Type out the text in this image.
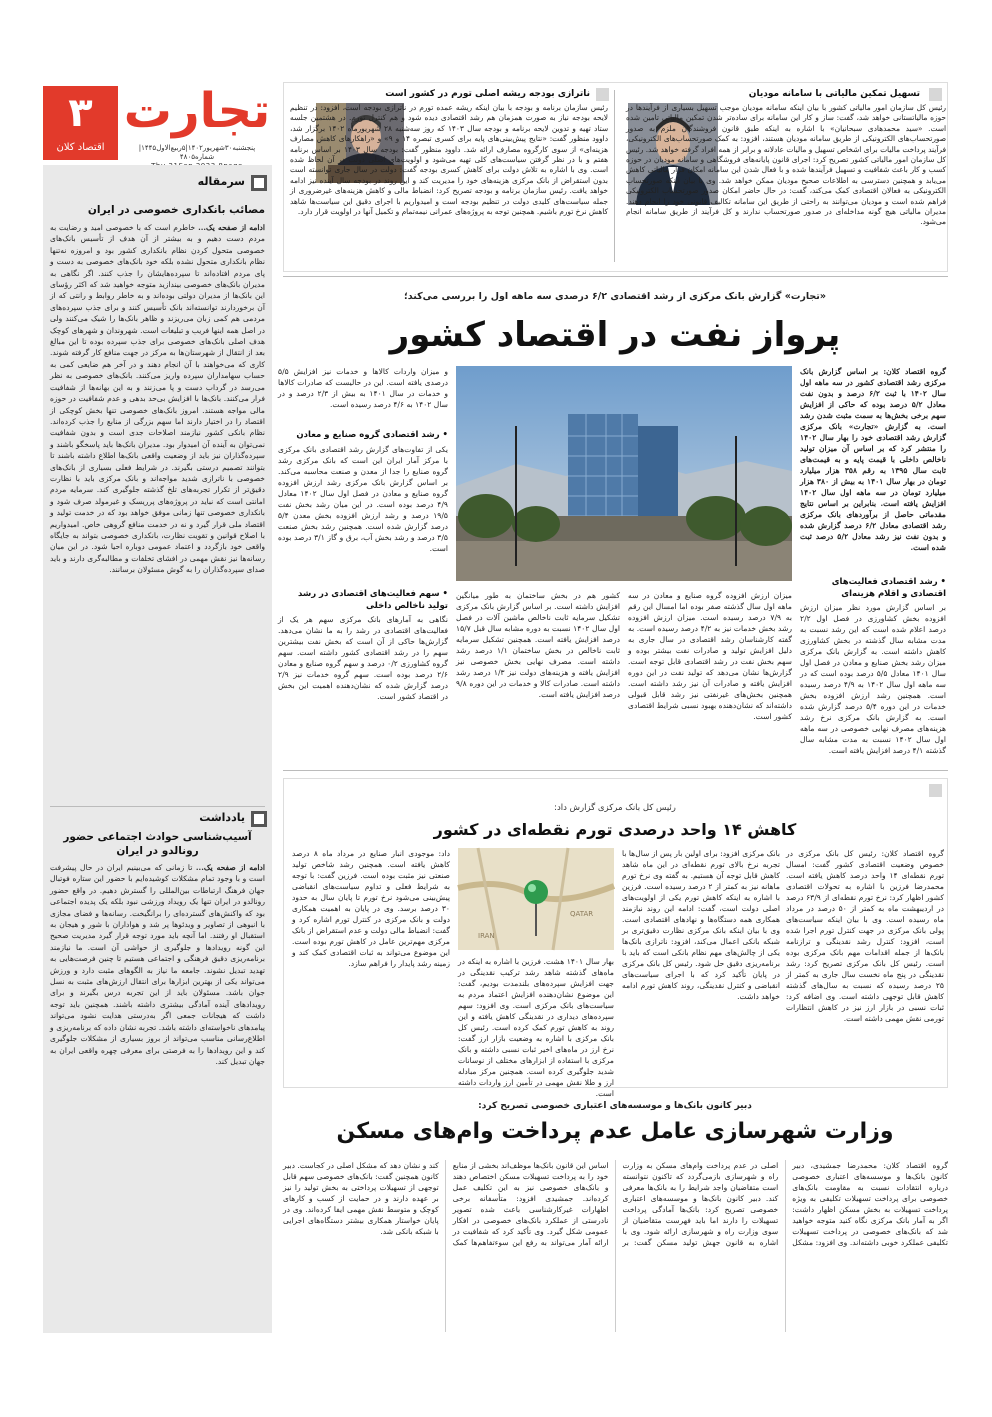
۳
اقتصاد کلان
تجارت
پنجشنبه۳۰شهریور۱۴۰۲|۵ربیع‌الاول۱۴۴۵|شماره۴۸۰۵
سرمقاله
مصائب بانکداری خصوصی در ایران
ادامه از صفحه یک... خاطرم است که با خصوصی امید و رضایت به مردم دست دهیم و به بیشتر از آن هدف از تأسیس بانک‌های خصوصی متحول کردن نظام بانکداری کشور بود و امروزه نه‌تنها نظام بانکداری متحول نشده بلکه خود بانک‌های خصوصی به دست و پای مردم افتاده‌اند تا سپرده‌هایشان را جذب کنند. اگر نگاهی به مدیران بانک‌های خصوصی بیندازید متوجه خواهید شد که اکثر رؤسای این بانک‌ها از مدیران دولتی بوده‌اند و به خاطر روابط و رانتی که از آن برخوردارند توانسته‌اند بانک تأسیس کنند و برای جذب سپرده‌های مردمی هم کمی زبان می‌ریزند و ظاهر بانک‌ها را شیک می‌کنند ولی در اصل همه اینها فریب و تبلیغات است. شهروندان و شهرهای کوچک هدف اصلی بانک‌های خصوصی برای جذب سپرده بوده تا این مبالغ بعد از انتقال از شهرستان‌ها به مرکز در جهت منافع کار گرفته شوند. کاری که می‌خواهند با آن انجام دهند و در آخر هم ضایعی کمی به حساب سهامداران سپرده واریز می‌کنند. بانک‌های خصوصی به نظر می‌رسد در گرداب دست و پا می‌زنند و به این بهانه‌ها از شفافیت فرار می‌کنند. بانک‌ها با افزایش بی‌حد بدهی و عدم شفافیت در حوزه مالی مواجه هستند. امروز بانک‌های خصوصی تنها بخش کوچکی از اقتصاد را در اختیار دارند اما سهم بزرگی از منابع را جذب کرده‌اند. نظام بانکی کشور نیازمند اصلاحات جدی است و بدون شفافیت نمی‌توان به آینده آن امیدوار بود. مدیران بانک‌ها باید پاسخگو باشند و سپرده‌گذاران نیز باید از وضعیت واقعی بانک‌ها اطلاع داشته باشند تا بتوانند تصمیم درستی بگیرند. در شرایط فعلی بسیاری از بانک‌های خصوصی با ناترازی شدید مواجه‌اند و بانک مرکزی باید با نظارت دقیق‌تر از تکرار تجربه‌های تلخ گذشته جلوگیری کند. سرمایه مردم امانتی است که نباید در پروژه‌های پرریسک و غیرمولد صرف شود و بانکداری خصوصی تنها زمانی موفق خواهد بود که در خدمت تولید و اقتصاد ملی قرار گیرد و نه در خدمت منافع گروهی خاص. امیدواریم با اصلاح قوانین و تقویت نظارت، بانکداری خصوصی بتواند به جایگاه واقعی خود بازگردد و اعتماد عمومی دوباره احیا شود. در این میان رسانه‌ها نیز نقش مهمی در افشای تخلفات و مطالبه‌گری دارند و باید صدای سپرده‌گذاران را به گوش مسئولان برسانند.
یادداشت
آسیب‌شناسی حوادث اجتماعی حضور رونالدو در ایران
ادامه از صفحه یک... تا زمانی که می‌بینیم ایران در حال پیشرفت است و با وجود تمام مشکلات کوشیده‌ایم با حضور این ستاره فوتبال جهان فرهنگ ارتباطات بین‌المللی را گسترش دهیم. در واقع حضور رونالدو در ایران تنها یک رویداد ورزشی نبود بلکه یک پدیده اجتماعی بود که واکنش‌های گسترده‌ای را برانگیخت. رسانه‌ها و فضای مجازی با انبوهی از تصاویر و ویدئوها پر شد و هواداران با شور و هیجان به استقبال او رفتند. اما آنچه باید مورد توجه قرار گیرد مدیریت صحیح این گونه رویدادها و جلوگیری از حواشی آن است. ما نیازمند برنامه‌ریزی دقیق فرهنگی و اجتماعی هستیم تا چنین فرصت‌هایی به تهدید تبدیل نشوند. جامعه ما نیاز به الگوهای مثبت دارد و ورزش می‌تواند یکی از بهترین ابزارها برای انتقال ارزش‌های مثبت به نسل جوان باشد. مسئولان باید از این تجربه درس بگیرند و برای رویدادهای آینده آمادگی بیشتری داشته باشند. همچنین باید توجه داشت که هیجانات جمعی اگر به‌درستی هدایت نشود می‌تواند پیامدهای ناخواسته‌ای داشته باشد. تجربه نشان داده که برنامه‌ریزی و اطلاع‌رسانی مناسب می‌تواند از بروز بسیاری از مشکلات جلوگیری کند و این رویدادها را به فرصتی برای معرفی چهره واقعی ایران به جهان تبدیل کند.
تسهیل تمکین مالیاتی با سامانه مودیان
رئیس کل سازمان امور مالیاتی کشور با بیان اینکه سامانه مودیان موجب تسهیل بسیاری از فرآیندها در حوزه مالیاتستانی خواهد شد، گفت: ساز و کار این سامانه برای ساده‌تر شدن تمکین مالیاتی تامین شده است. «سید محمدهادی سبحانیان» با اشاره به اینکه طبق قانون فروشندگان ملزم به صدور صورتحساب‌های الکترونیکی از طریق سامانه مودیان هستند، افزود: به کمک صورتحساب‌های الکترونیکی، فرآیند پرداخت مالیات برای اشخاص تسهیل و مالیات عادلانه و برابر از همه افراد گرفته خواهد شد. رئیس کل سازمان امور مالیاتی کشور تصریح کرد: اجرای قانون پایانه‌های فروشگاهی و سامانه مودیان در حوزه کسب و کار باعث شفافیت و تسهیل فرآیندها شده و با فعال شدن این سامانه امکان فرار مالیاتی کاهش می‌یابد و همچنین دسترسی به اطلاعات صحیح مودیان ممکن خواهد شد. وی با بیان اینکه صورتحساب الکترونیکی به فعالان اقتصادی کمک می‌کند، گفت: در حال حاضر امکان صدور صورتحساب الکترونیکی فراهم شده است و مودیان می‌توانند به راحتی از طریق این سامانه تکالیف قانونی خود را انجام دهند. مدیران مالیاتی هیچ گونه مداخله‌ای در صدور صورتحساب ندارند و کل فرآیند از طریق سامانه انجام می‌شود.
ناترازی بودجه ریشه اصلی تورم در کشور است
رئیس سازمان برنامه و بودجه با بیان اینکه ریشه عمده تورم در ناترازی بودجه است، افزود: در تنظیم لایحه بودجه نیاز به صورت همزمان هم رشد اقتصادی دیده شود و هم کنترل تورم. در هشتمین جلسه ستاد تهیه و تدوین لایحه برنامه و بودجه سال ۱۴۰۳ که روز سه‌شنبه ۲۸ شهریورماه ۱۴۰۲ برگزار شد، داوود منظور گفت: «نتایج پیش‌بینی‌های پایه برای کسری تبصره ۱۴ و ۹» و «راهکارهای کاهش مصارف هزینه‌ای» از سوی کارگروه مصارف ارائه شد. داوود منظور گفت: بودجه سال ۱۴۰۳ بر اساس برنامه هفتم و با در نظر گرفتن سیاست‌های کلی تهیه می‌شود و اولویت‌های اصلی دولت در آن لحاظ شده است. وی با اشاره به تلاش دولت برای کاهش کسری بودجه گفت: دولت در سال جاری توانسته است بدون استقراض از بانک مرکزی هزینه‌های خود را مدیریت کند و این روند در بودجه سال آینده نیز ادامه خواهد یافت. رئیس سازمان برنامه و بودجه تصریح کرد: انضباط مالی و کاهش هزینه‌های غیرضروری از جمله سیاست‌های کلیدی دولت در تنظیم بودجه است و امیدواریم با اجرای دقیق این سیاست‌ها شاهد کاهش نرخ تورم باشیم. همچنین توجه به پروژه‌های عمرانی نیمه‌تمام و تکمیل آنها در اولویت قرار دارد.
«تجارت» گزارش بانک مرکزی از رشد اقتصادی ۶/۲ درصدی سه ماهه اول را بررسی می‌کند؛
پرواز نفت در اقتصاد کشور
گروه اقتصاد کلان: بر اساس گزارش بانک مرکزی رشد اقتصادی کشور در سه ماهه اول سال ۱۴۰۲ با ثبت ۶/۲ درصد و بدون نفت معادل ۵/۲ درصد بوده که حاکی از افزایش سهم برخی بخش‌ها به سمت مثبت شدن رشد است. به گزارش «تجارت» بانک مرکزی گزارش رشد اقتصادی خود را بهار سال ۱۴۰۲ را منتشر کرد که بر اساس آن میزان تولید ناخالص داخلی با قیمت پایه و به قیمت‌های ثابت سال ۱۳۹۵ به رقم ۳۵۸ هزار میلیارد تومان در بهار سال ۱۴۰۱ به بیش از ۳۸۰ هزار میلیارد تومان در سه ماهه اول سال ۱۴۰۲ افزایش یافته است. بنابراین بر اساس نتایج مقدماتی حاصل از برآوردهای بانک مرکزی رشد اقتصادی معادل ۶/۲ درصد گزارش شده و بدون نفت نیز رشد معادل ۵/۲ درصد ثبت شده است.
• رشد اقتصادی فعالیت‌های اقتصادی و اقلام هزینه‌ای
بر اساس گزارش مورد نظر میزان ارزش افزوده بخش کشاورزی در فصل اول ۲/۲ درصد اعلام شده است که این رشد نسبت به مدت مشابه سال گذشته در بخش کشاورزی کاهش داشته است. به گزارش بانک مرکزی میزان رشد بخش صنایع و معادن در فصل اول سال ۱۴۰۱ معادل ۵/۵ درصد بوده است که در سه ماهه اول سال ۱۴۰۲ به ۴/۹ درصد رسیده است. همچنین رشد ارزش افزوده بخش خدمات در این دوره ۵/۴ درصد گزارش شده است. به گزارش بانک مرکزی نرخ رشد هزینه‌های مصرف نهایی خصوصی در سه ماهه اول سال ۱۴۰۲ نسبت به مدت مشابه سال گذشته ۴/۱ درصد افزایش یافته است.
میزان ارزش افزوده گروه صنایع و معادن در سه ماهه اول سال گذشته صفر بوده اما امسال این رقم به ۷/۹ درصد رسیده است. میزان ارزش افزوده رشد بخش خدمات نیز به ۴/۲ درصد رسیده است. به گفته کارشناسان رشد اقتصادی در سال جاری به دلیل افزایش تولید و صادرات نفت بیشتر بوده و سهم بخش نفت در رشد اقتصادی قابل توجه است. گزارش‌ها نشان می‌دهد که تولید نفت در این دوره افزایش یافته و صادرات آن نیز رشد داشته است. همچنین بخش‌های غیرنفتی نیز رشد قابل قبولی داشته‌اند که نشان‌دهنده بهبود نسبی شرایط اقتصادی کشور است.
کشور هم در بخش ساختمان به طور میانگین افزایش داشته است. بر اساس گزارش بانک مرکزی تشکیل سرمایه ثابت ناخالص ماشین آلات در فصل اول سال ۱۴۰۲ نسبت به دوره مشابه سال قبل ۱۵/۷ درصد افزایش یافته است. همچنین تشکیل سرمایه ثابت ناخالص در بخش ساختمان ۱/۱ درصد رشد داشته است. مصرف نهایی بخش خصوصی نیز افزایش یافته و هزینه‌های دولت نیز ۱/۳ درصد رشد داشته است. صادرات کالا و خدمات در این دوره ۹/۸ درصد افزایش یافته است.
و میزان واردات کالاها و خدمات نیز افزایش ۵/۵ درصدی یافته است. این در حالیست که صادرات کالاها و خدمات در سال ۱۴۰۱ به بیش از ۲/۳ درصد و در سال ۱۴۰۲ به ۴/۶ درصد رسیده است.
• رشد اقتصادی گروه صنایع و معادن
یکی از تفاوت‌های گزارش رشد اقتصادی بانک مرکزی با مرکز آمار ایران این است که بانک مرکزی رشد گروه صنایع را جدا از معدن و صنعت محاسبه می‌کند. بر اساس گزارش بانک مرکزی رشد ارزش افزوده گروه صنایع و معادن در فصل اول سال ۱۴۰۲ معادل ۴/۹ درصد بوده است. در این میان رشد بخش نفت ۱۹/۵ درصد و رشد ارزش افزوده بخش معدن ۵/۴ درصد گزارش شده است. همچنین رشد بخش صنعت ۳/۵ درصد و رشد بخش آب، برق و گاز ۳/۱ درصد بوده است.
• سهم فعالیت‌های اقتصادی در رشد تولید ناخالص داخلی
نگاهی به آمارهای بانک مرکزی سهم هر یک از فعالیت‌های اقتصادی در رشد را به ما نشان می‌دهد. گزارش‌ها حاکی از آن است که بخش نفت بیشترین سهم را در رشد اقتصادی کشور داشته است. سهم گروه کشاورزی ۰/۲ درصد و سهم گروه صنایع و معادن ۲/۶ درصد بوده است. سهم گروه خدمات نیز ۲/۹ درصد گزارش شده که نشان‌دهنده اهمیت این بخش در اقتصاد کشور است.
رئیس کل بانک مرکزی گزارش داد:
کاهش ۱۴ واحد درصدی تورم نقطه‌ای در کشور
گروه اقتصاد کلان: رئیس کل بانک مرکزی در خصوص وضعیت اقتصادی کشور گفت: امسال تورم نقطه‌ای ۱۴ واحد درصد کاهش یافته است. محمدرضا فرزین با اشاره به تحولات اقتصادی کشور اظهار کرد: نرخ تورم نقطه‌ای از ۶۳/۹ درصد در اردیبهشت ماه به کمتر از ۵۰ درصد در مرداد ماه رسیده است. وی با بیان اینکه سیاست‌های پولی بانک مرکزی در جهت کنترل تورم اجرا شده است، افزود: کنترل رشد نقدینگی و ترازنامه بانک‌ها از جمله اقدامات مهم بانک مرکزی بوده است. رئیس کل بانک مرکزی تصریح کرد: رشد نقدینگی در پنج ماه نخست سال جاری به کمتر از ۲۵ درصد رسیده که نسبت به سال‌های گذشته کاهش قابل توجهی داشته است. وی اضافه کرد: ثبات نسبی در بازار ارز نیز در کاهش انتظارات تورمی نقش مهمی داشته است.
بانک مرکزی افزود: برای اولین بار پس از سال‌ها با تجربه نرخ بالای تورم نقطه‌ای در این ماه شاهد کاهش قابل توجه آن هستیم. به گفته وی نرخ تورم ماهانه نیز به کمتر از ۲ درصد رسیده است. فرزین با اشاره به اینکه کاهش تورم یکی از اولویت‌های اصلی دولت است، گفت: ادامه این روند نیازمند همکاری همه دستگاه‌ها و نهادهای اقتصادی است. وی با بیان اینکه بانک مرکزی نظارت دقیق‌تری بر شبکه بانکی اعمال می‌کند، افزود: ناترازی بانک‌ها یکی از چالش‌های مهم نظام بانکی است که باید با برنامه‌ریزی دقیق حل شود. رئیس کل بانک مرکزی در پایان تأکید کرد که با اجرای سیاست‌های انقباضی و کنترل نقدینگی، روند کاهش تورم ادامه خواهد داشت.
QATAR
IRAN
بهار سال ۱۴۰۱ هشت. فرزین با اشاره به اینکه در ماه‌های گذشته شاهد رشد ترکیب نقدینگی در جهت افزایش سپرده‌های بلندمدت بودیم، گفت: این موضوع نشان‌دهنده افزایش اعتماد مردم به سیاست‌های بانک مرکزی است. وی افزود: سهم سپرده‌های دیداری در نقدینگی کاهش یافته و این روند به کاهش تورم کمک کرده است. رئیس کل بانک مرکزی با اشاره به وضعیت بازار ارز گفت: نرخ ارز در ماه‌های اخیر ثبات نسبی داشته و بانک مرکزی با استفاده از ابزارهای مختلف از نوسانات شدید جلوگیری کرده است. همچنین مرکز مبادله ارز و طلا نقش مهمی در تأمین ارز واردات داشته است.
داد: موجودی انبار صنایع در مرداد ماه ۸ درصد کاهش یافته است. همچنین رشد شاخص تولید صنعتی نیز مثبت بوده است. فرزین گفت: با توجه به شرایط فعلی و تداوم سیاست‌های انقباضی پیش‌بینی می‌شود نرخ تورم تا پایان سال به حدود ۳۰ درصد برسد. وی در پایان به اهمیت همکاری دولت و بانک مرکزی در کنترل تورم اشاره کرد و گفت: انضباط مالی دولت و عدم استقراض از بانک مرکزی مهم‌ترین عامل در کاهش تورم بوده است. این موضوع می‌تواند به ثبات اقتصادی کمک کند و زمینه رشد پایدار را فراهم سازد.
دبیر کانون بانک‌ها و موسسه‌های اعتباری خصوصی تصریح کرد:
وزارت شهرسازی عامل عدم پرداخت وام‌های مسکن
گروه اقتصاد کلان: محمدرضا جمشیدی، دبیر کانون بانک‌ها و موسسه‌های اعتباری خصوصی درباره انتقادات نسبت به مقاومت بانک‌های خصوصی برای پرداخت تسهیلات تکلیفی به ویژه پرداخت تسهیلات به بخش مسکن اظهار داشت: اگر به آمار بانک مرکزی نگاه کنید متوجه خواهید شد که بانک‌های خصوصی در پرداخت تسهیلات تکلیفی عملکرد خوبی داشته‌اند. وی افزود: مشکل اصلی در عدم پرداخت وام‌های مسکن به وزارت راه و شهرسازی بازمی‌گردد که تاکنون نتوانسته است متقاضیان واجد شرایط را به بانک‌ها معرفی کند. دبیر کانون بانک‌ها و موسسه‌های اعتباری خصوصی تصریح کرد: بانک‌ها آمادگی پرداخت تسهیلات را دارند اما باید فهرست متقاضیان از سوی وزارت راه و شهرسازی ارائه شود. وی با اشاره به قانون جهش تولید مسکن گفت: بر اساس این قانون بانک‌ها موظف‌اند بخشی از منابع خود را به پرداخت تسهیلات مسکن اختصاص دهند و بانک‌های خصوصی نیز به این تکلیف عمل کرده‌اند. جمشیدی افزود: متأسفانه برخی اظهارات غیرکارشناسی باعث شده تصویر نادرستی از عملکرد بانک‌های خصوصی در افکار عمومی شکل گیرد. وی تأکید کرد که شفافیت در ارائه آمار می‌تواند به رفع این سوءتفاهم‌ها کمک کند و نشان دهد که مشکل اصلی در کجاست. دبیر کانون همچنین گفت: بانک‌های خصوصی سهم قابل توجهی از تسهیلات پرداختی به بخش تولید را نیز بر عهده دارند و در حمایت از کسب و کارهای کوچک و متوسط نقش مهمی ایفا کرده‌اند. وی در پایان خواستار همکاری بیشتر دستگاه‌های اجرایی با شبکه بانکی شد.
